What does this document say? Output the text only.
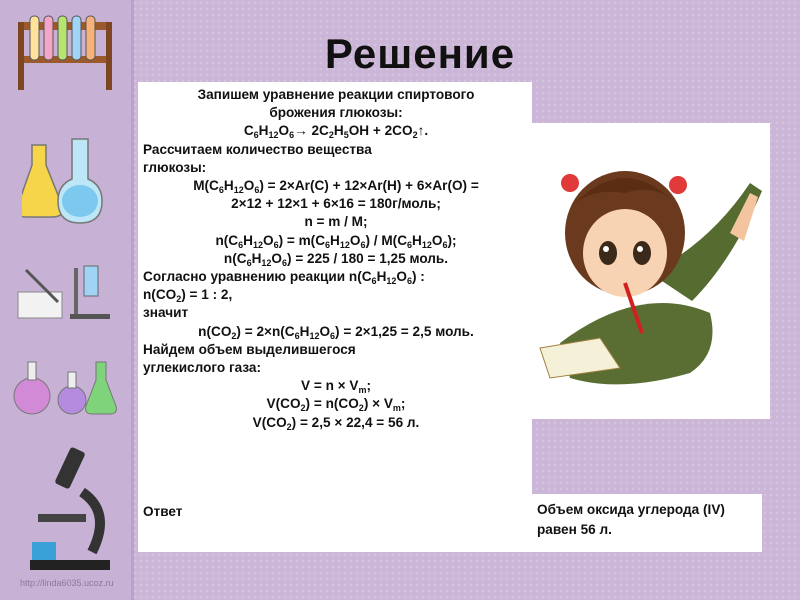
Решение
Запишем уравнение реакции спиртового
брожения глюкозы:
$C_6H_{12}O_6\to 2C_2H_5OH$ + $2CO_2↑$.
Рассчитаем количество вещества
глюкозы:
$M(C_6H_{12}O_6) = 2\times Ar(C) + 12\times Ar(H) + 6\times Ar(O)$ =
2×12 + 12×1 + 6×16 = 180г/моль;
n = m / M;
$n(C_6H_{12}O_6) = m(C_6H_{12}O_6) / M(C_6H_{12}O_6)$;
$n(C_6H_{12}O_6) = 225 / 180 = 1,25$ моль.
Согласно уравнению реакции $n(C_6H_{12}O_6)$ :
$n(CO_2) = 1$ : 2,
значит
$n(CO_2) = 2\times n(C_6H_{12}O_6) = 2\times 1,25 = 2,5$ моль.
Найдем объем выделившегося
углекислого газа:
$V = n \times V_m$;
$V(CO_2) = n(CO_2) \times V_m$;
$V(CO_2) = 2,5 \times 22,4 = 56$ л.
Ответ	Объем оксида углерода (IV) равен 56 л.
http://linda6035.ucoz.ru
